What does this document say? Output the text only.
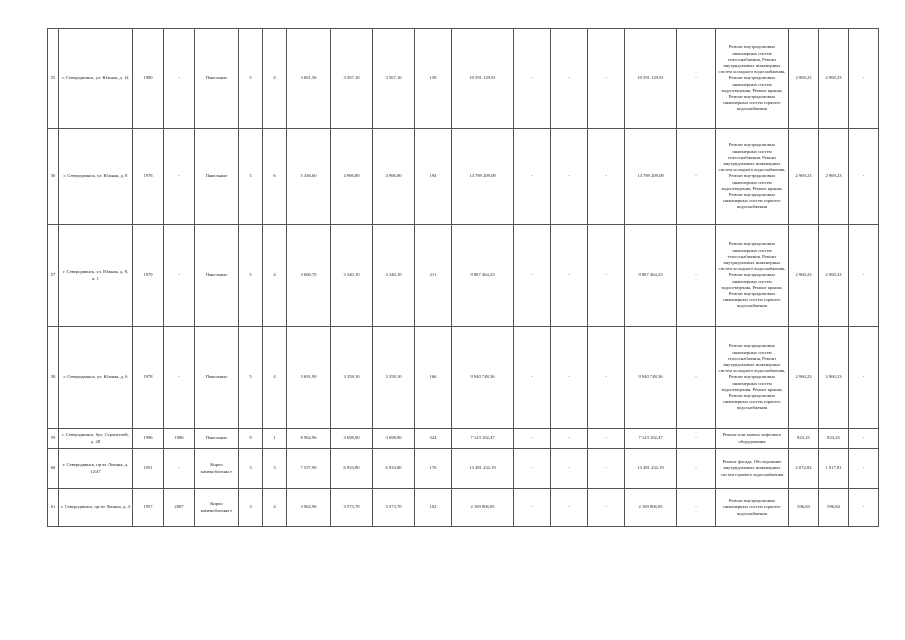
55	г. Северодвинск, ул. Южная, д. 14	1980	-	Панельные	5	4	3 061,56	3 567,10	3 567,10	158	10 591 129,91	-	-	-	10 591 129,91	-	Ремонт внутридомовых инженерных систем теплоснабжения, Ремонт внутридомовых инженерных систем холодного водоснабжения, Ремонт внутридомовых инженерных систем водоотведения, Ремонт крыши, Ремонт внутридомовых инженерных систем горячего водоснабжения	2 969,23	2 969,23	-
56	г. Северодвинск, ул. Южная, д. 8	1978	-	Панельные	5	6	5 436,60	4 966,80	4 966,80	194	14 789 209,08	-	-	-	14 789 209,08	-	Ремонт внутридомовых инженерных систем теплоснабжения, Ремонт внутридомовых инженерных систем холодного водоснабжения, Ремонт внутридомовых инженерных систем водоотведения, Ремонт крыши, Ремонт внутридомовых инженерных систем горячего водоснабжения	2 969,23	2 969,23	-
57	г. Северодвинск, ул. Южная, д. 8, к. 1	1979	-	Панельные	5	4	3 660,70	3 340,10	3 340,10	211	9 887 464,23	-	-	-	9 887 464,23	-	Ремонт внутридомовых инженерных систем теплоснабжения, Ремонт внутридомовых инженерных систем холодного водоснабжения, Ремонт внутридомовых инженерных систем водоотведения, Ремонт крыши, Ремонт внутридомовых инженерных систем горячего водоснабжения	2 960,23	2 960,23	-
58	г. Северодвинск, ул. Южная, д. 6	1978	-	Панельные	5	4	3 691,90	3 358,10	3 358,10	166	9 940 748,36	-	-	-	9 940 748,36	-	Ремонт внутридомовых инженерных систем теплоснабжения, Ремонт внутридомовых инженерных систем холодного водоснабжения, Ремонт внутридомовых инженерных систем водоотведения, Ремонт крыши, Ремонт внутридомовых инженерных систем горячего водоснабжения	2 960,23	2 960,23	-
59	г. Северодвинск, бул. Строителей, д. 28	1996	1986	Панельные	9	1	8 962,96	3 698,90	3 698,90	324	7 123 102,47	-	-	-	7 123 102,47	-	Ремонт или замена лифтового оборудования	823,25	823,25	-
60	г. Северодвинск, пр-кт Ленина, д. 12/47	1951	-	Кирпо каменоблочны е	3	3	7 557,90	6 933,80	6 933,80	176	13 481 232,19	-	-	-	13 481 232,19	-	Ремонт фасада, Обследование внутридомовых инженерных систем горячего водоснабжения	2 072,82	1 917,81	-
61	г. Северодвинск, пр-кт Ленина, д. 4	1957	2007	Кирпо каменоблочны е	3	4	3 962,96	3 573,70	3 573,70	102	2 169 806,05	-	-	-	2 169 806,05	-	Ремонт внутридомовых инженерных систем горячего водоснабжения	596,84	596,84	-
